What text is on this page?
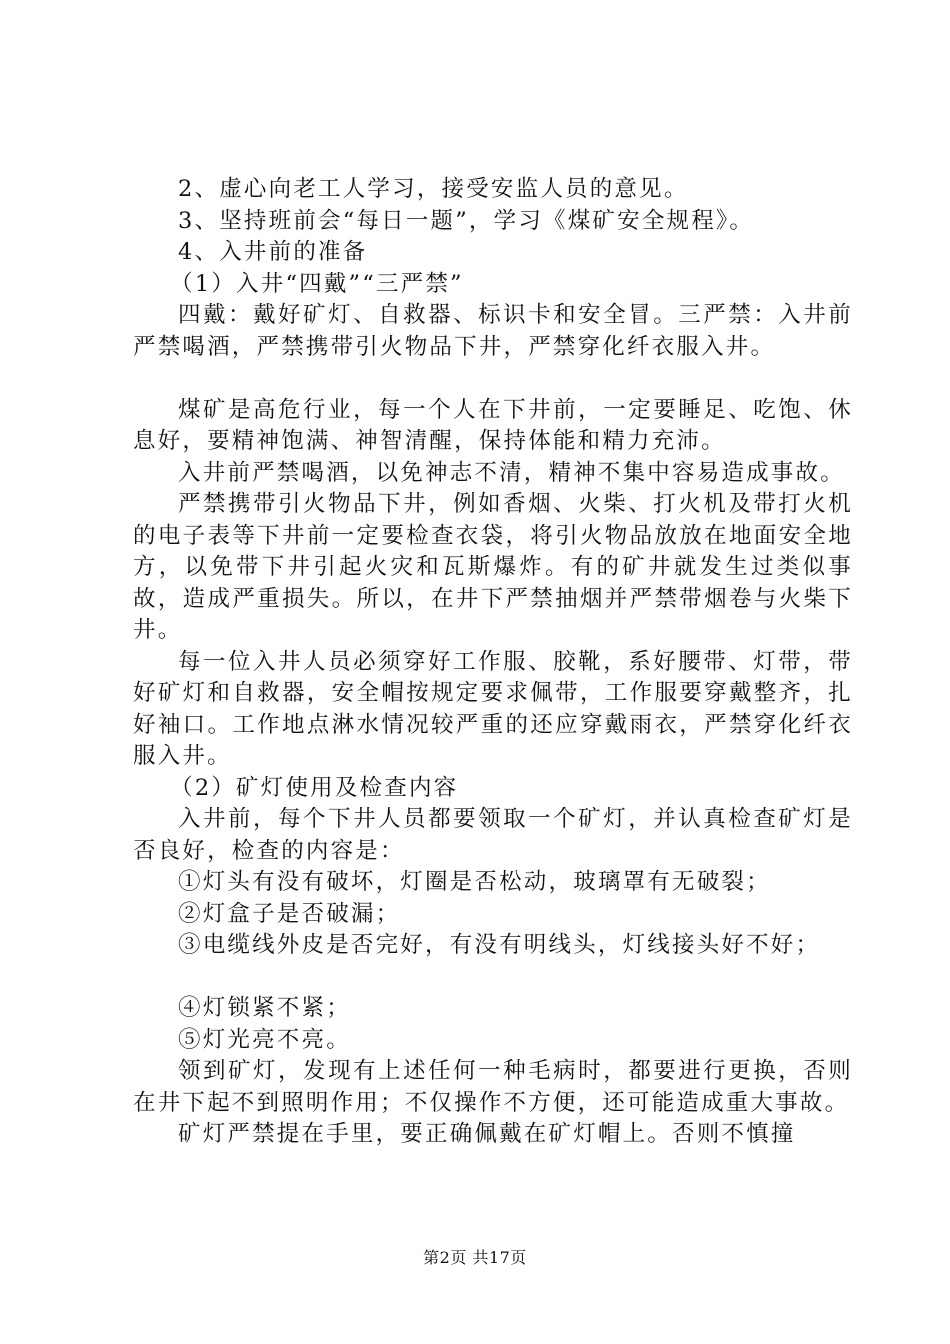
2、虚心向老工人学习，接受安监人员的意见。

3、坚持班前会“每日一题”，学习《煤矿安全规程》。

4、入井前的准备

（1）入井“四戴”“三严禁”

四戴：戴好矿灯、自救器、标识卡和安全冒。三严禁：入井前严禁喝酒，严禁携带引火物品下井，严禁穿化纤衣服入井。

煤矿是高危行业，每一个人在下井前，一定要睡足、吃饱、休息好，要精神饱满、神智清醒，保持体能和精力充沛。

入井前严禁喝酒，以免神志不清，精神不集中容易造成事故。

严禁携带引火物品下井，例如香烟、火柴、打火机及带打火机的电子表等下井前一定要检查衣袋，将引火物品放放在地面安全地方，以免带下井引起火灾和瓦斯爆炸。有的矿井就发生过类似事故，造成严重损失。所以，在井下严禁抽烟并严禁带烟卷与火柴下井。

每一位入井人员必须穿好工作服、胶靴，系好腰带、灯带，带好矿灯和自救器，安全帽按规定要求佩带，工作服要穿戴整齐，扎好袖口。工作地点淋水情况较严重的还应穿戴雨衣，严禁穿化纤衣服入井。

（2）矿灯使用及检查内容

入井前，每个下井人员都要领取一个矿灯，并认真检查矿灯是否良好，检查的内容是：

①灯头有没有破坏，灯圈是否松动，玻璃罩有无破裂；

②灯盒子是否破漏；

③电缆线外皮是否完好，有没有明线头，灯线接头好不好；

④灯锁紧不紧；

⑤灯光亮不亮。

领到矿灯，发现有上述任何一种毛病时，都要进行更换，否则在井下起不到照明作用；不仅操作不方便，还可能造成重大事故。

矿灯严禁提在手里，要正确佩戴在矿灯帽上。否则不慎撞

第2页 共17页
